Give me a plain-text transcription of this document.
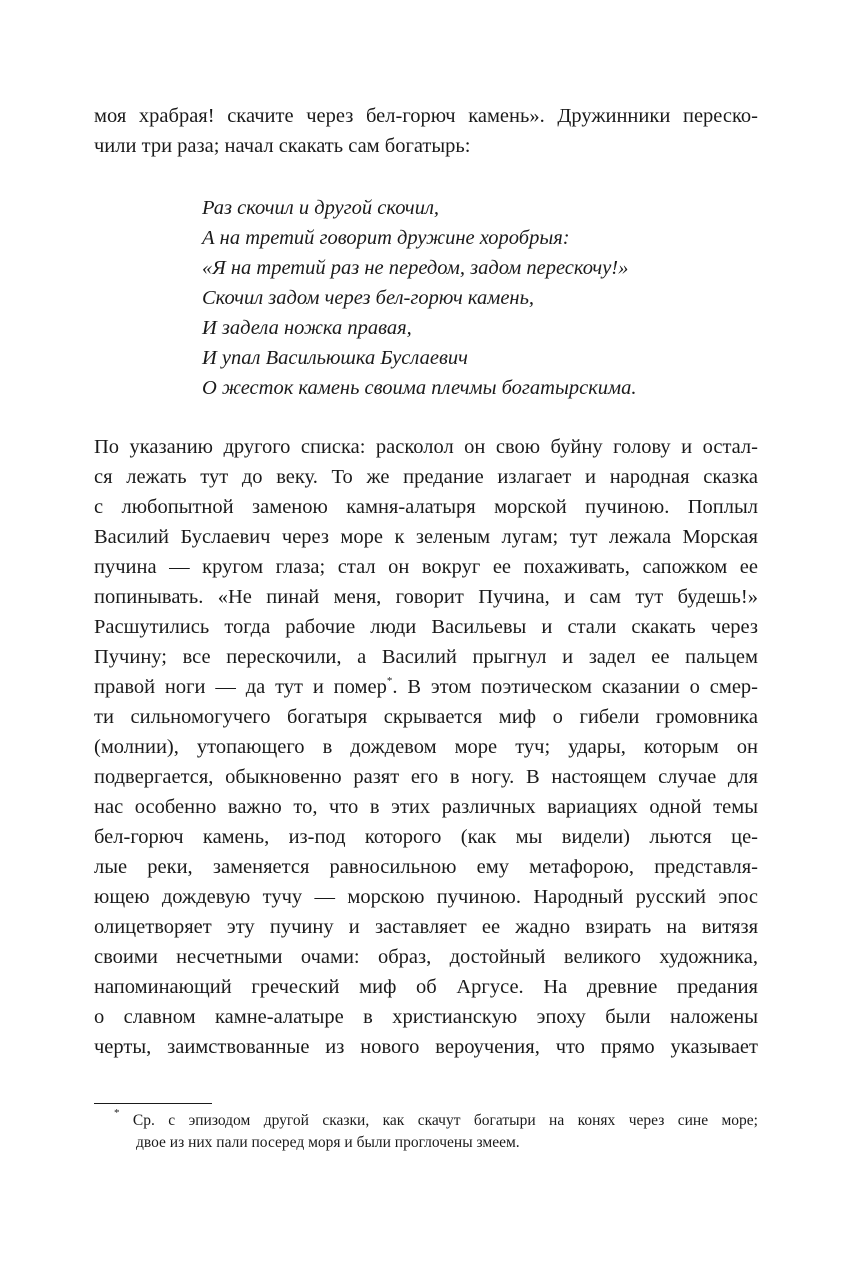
моя храбрая! скачите через бел-горюч камень». Дружинники переско-
чили три раза; начал скакать сам богатырь:
Раз скочил и другой скочил,
А на третий говорит дружине хоробрыя:
«Я на третий раз не передом, задом перескочу!»
Скочил задом через бел-горюч камень,
И задела ножка правая,
И упал Васильюшка Буслаевич
О жесток камень своима плечмы богатырскима.
По указанию другого списка: расколол он свою буйну голову и остал-
ся лежать тут до веку. То же предание излагает и народная сказка
с любопытной заменою камня-алатыря морской пучиною. Поплыл
Василий Буслаевич через море к зеленым лугам; тут лежала Морская
пучина — кругом глаза; стал он вокруг ее похаживать, сапожком ее
попинывать. «Не пинай меня, говорит Пучина, и сам тут будешь!»
Расшутились тогда рабочие люди Васильевы и стали скакать через
Пучину; все перескочили, а Василий прыгнул и задел ее пальцем
правой ноги — да тут и помер*. В этом поэтическом сказании о смер-
ти сильномогучего богатыря скрывается миф о гибели громовника
(молнии), утопающего в дождевом море туч; удары, которым он
подвергается, обыкновенно разят его в ногу. В настоящем случае для
нас особенно важно то, что в этих различных вариациях одной темы
бел-горюч камень, из-под которого (как мы видели) льются це-
лые реки, заменяется равносильною ему метафорою, представля-
ющею дождевую тучу — морскою пучиною. Народный русский эпос
олицетворяет эту пучину и заставляет ее жадно взирать на витязя
своими несчетными очами: образ, достойный великого художника,
напоминающий греческий миф об Аргусе. На древние предания
о славном камне-алатыре в христианскую эпоху были наложены
черты, заимствованные из нового вероучения, что прямо указывает
* Ср. с эпизодом другой сказки, как скачут богатыри на конях через сине море;
двое из них пали посеред моря и были проглочены змеем.
